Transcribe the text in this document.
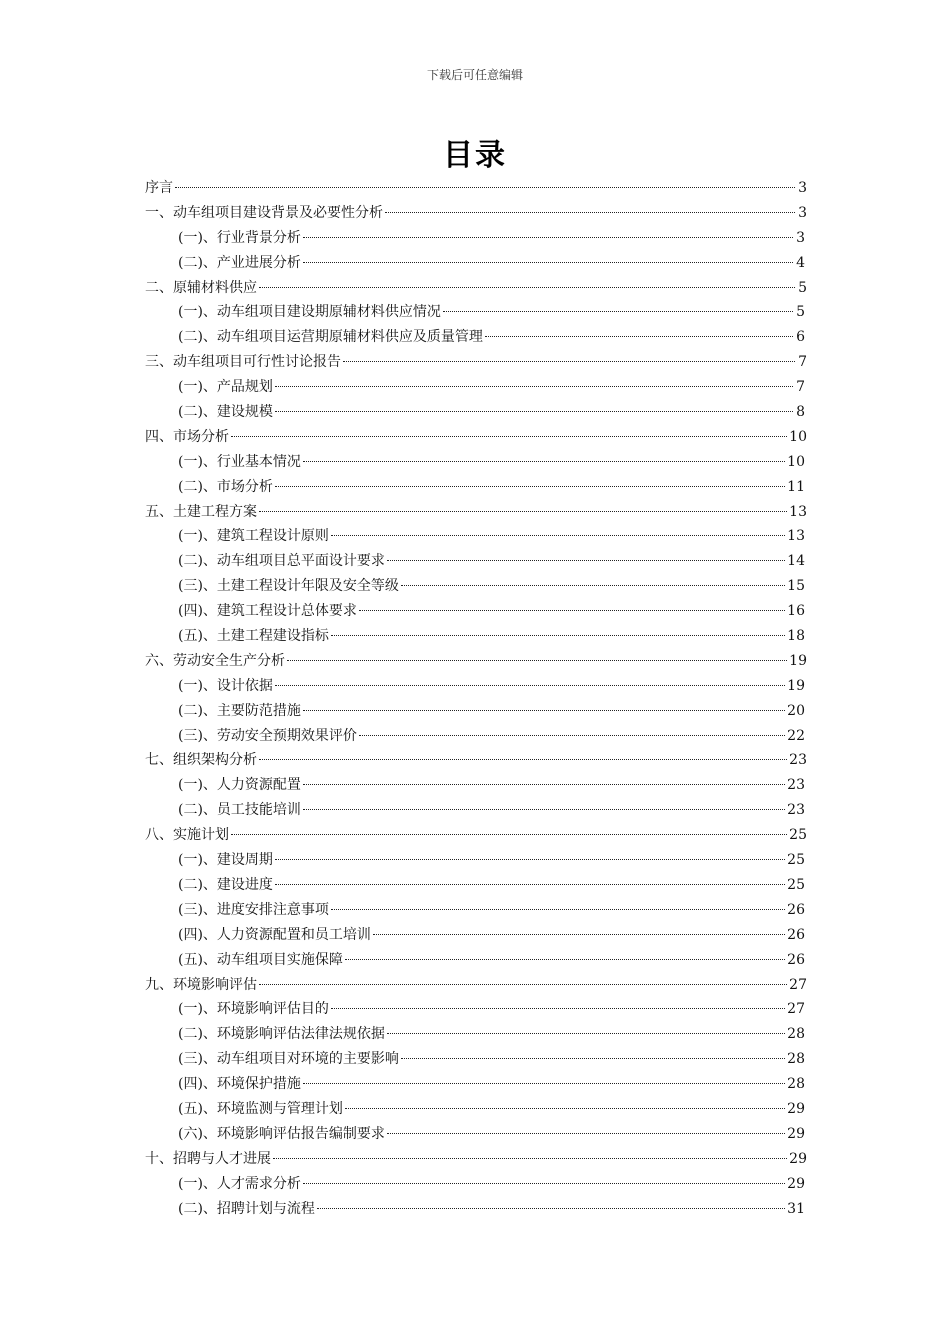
下载后可任意编辑
目录
序言	3
一、动车组项目建设背景及必要性分析	3
(一)、行业背景分析	3
(二)、产业进展分析	4
二、原辅材料供应	5
(一)、动车组项目建设期原辅材料供应情况	5
(二)、动车组项目运营期原辅材料供应及质量管理	6
三、动车组项目可行性讨论报告	7
(一)、产品规划	7
(二)、建设规模	8
四、市场分析	10
(一)、行业基本情况	10
(二)、市场分析	11
五、土建工程方案	13
(一)、建筑工程设计原则	13
(二)、动车组项目总平面设计要求	14
(三)、土建工程设计年限及安全等级	15
(四)、建筑工程设计总体要求	16
(五)、土建工程建设指标	18
六、劳动安全生产分析	19
(一)、设计依据	19
(二)、主要防范措施	20
(三)、劳动安全预期效果评价	22
七、组织架构分析	23
(一)、人力资源配置	23
(二)、员工技能培训	23
八、实施计划	25
(一)、建设周期	25
(二)、建设进度	25
(三)、进度安排注意事项	26
(四)、人力资源配置和员工培训	26
(五)、动车组项目实施保障	26
九、环境影响评估	27
(一)、环境影响评估目的	27
(二)、环境影响评估法律法规依据	28
(三)、动车组项目对环境的主要影响	28
(四)、环境保护措施	28
(五)、环境监测与管理计划	29
(六)、环境影响评估报告编制要求	29
十、招聘与人才进展	29
(一)、人才需求分析	29
(二)、招聘计划与流程	31
